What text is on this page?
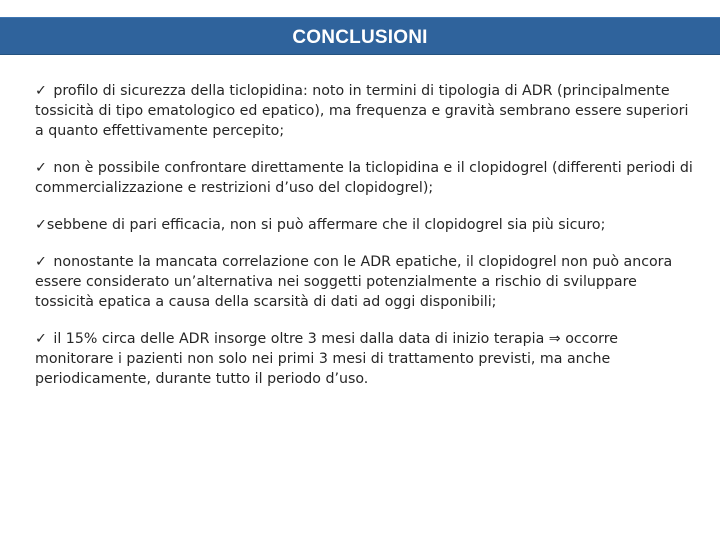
CONCLUSIONI

✓ profilo di sicurezza della ticlopidina: noto in termini di tipologia di ADR (principalmente tossicità di tipo ematologico ed epatico), ma frequenza e gravità sembrano essere superiori a quanto effettivamente percepito;

✓ non è possibile confrontare direttamente la ticlopidina e il clopidogrel (differenti periodi di commercializzazione e restrizioni d’uso del clopidogrel);

✓sebbene di pari efficacia, non si può affermare che il clopidogrel sia più sicuro;

✓ nonostante la mancata correlazione con le ADR epatiche, il clopidogrel non può ancora essere considerato un’alternativa nei soggetti potenzialmente a rischio di sviluppare tossicità epatica a causa della scarsità di dati ad oggi disponibili;

✓ il 15% circa delle ADR insorge oltre 3 mesi dalla data di inizio terapia ⇒ occorre monitorare i pazienti non solo nei primi 3 mesi di trattamento previsti, ma anche periodicamente, durante tutto il periodo d’uso.
